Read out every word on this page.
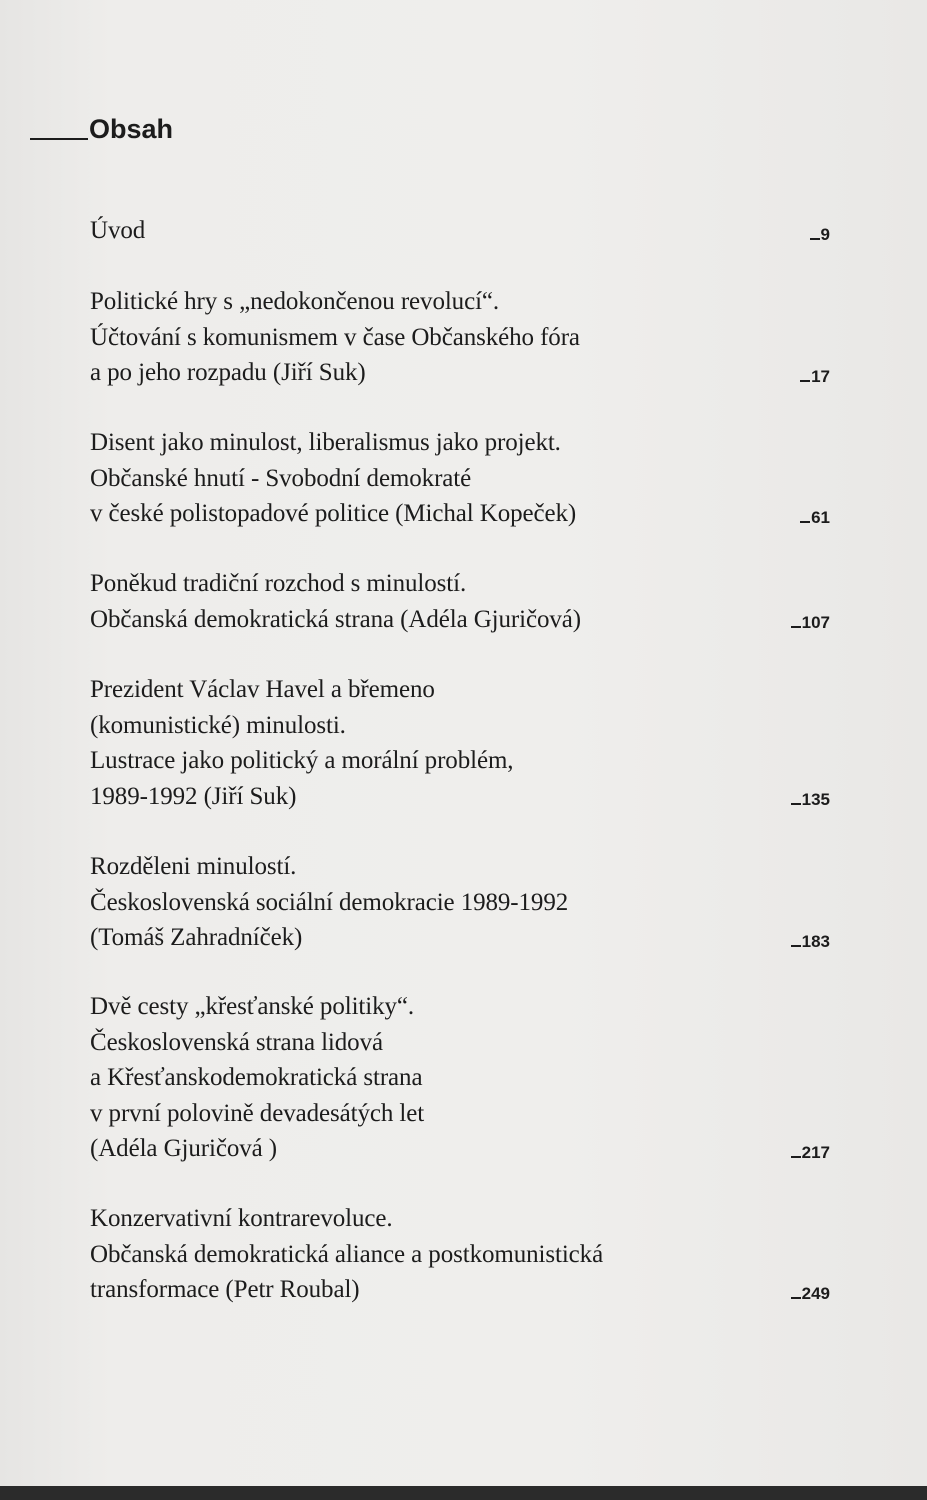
Obsah
Úvod	9
Politické hry s „nedokončenou revolucí“.
Účtování s komunismem v čase Občanského fóra
a po jeho rozpadu (Jiří Suk)	17
Disent jako minulost, liberalismus jako projekt.
Občanské hnutí - Svobodní demokraté
v české polistopadové politice (Michal Kopeček)	61
Poněkud tradiční rozchod s minulostí.
Občanská demokratická strana (Adéla Gjuričová)	107
Prezident Václav Havel a břemeno
(komunistické) minulosti.
Lustrace jako politický a morální problém,
1989-1992 (Jiří Suk)	135
Rozděleni minulostí.
Československá sociální demokracie 1989-1992
(Tomáš Zahradníček)	183
Dvě cesty „křesťanské politiky“.
Československá strana lidová
a Křesťanskodemokratická strana
v první polovině devadesátých let
(Adéla Gjuričová )	217
Konzervativní kontrarevoluce.
Občanská demokratická aliance a postkomunistická
transformace (Petr Roubal)	249
